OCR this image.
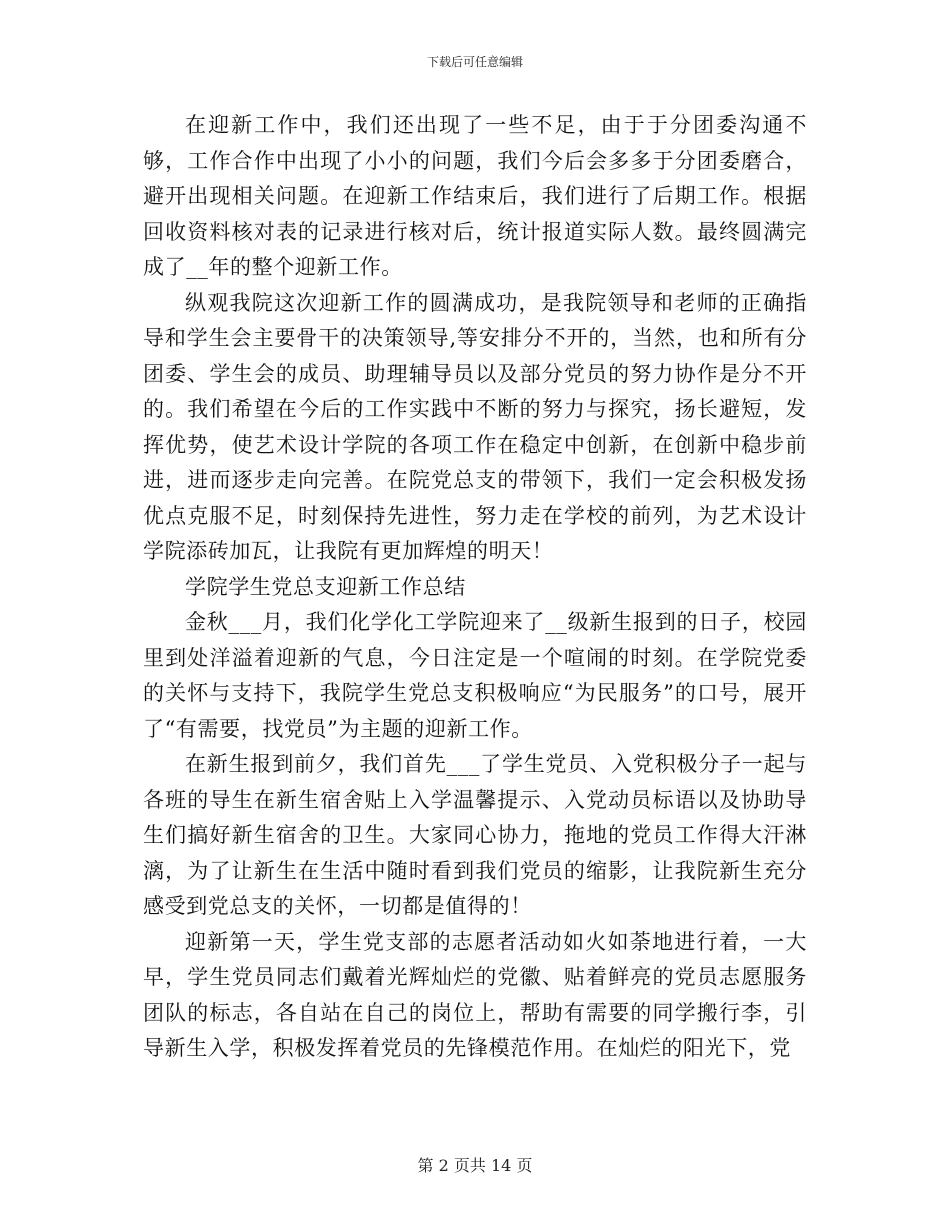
下载后可任意编辑

在迎新工作中，我们还出现了一些不足，由于于分团委沟通不够，工作合作中出现了小小的问题，我们今后会多多于分团委磨合，避开出现相关问题。在迎新工作结束后，我们进行了后期工作。根据回收资料核对表的记录进行核对后，统计报道实际人数。最终圆满完成了__年的整个迎新工作。

纵观我院这次迎新工作的圆满成功，是我院领导和老师的正确指导和学生会主要骨干的决策领导,等安排分不开的，当然，也和所有分团委、学生会的成员、助理辅导员以及部分党员的努力协作是分不开的。我们希望在今后的工作实践中不断的努力与探究，扬长避短，发挥优势，使艺术设计学院的各项工作在稳定中创新，在创新中稳步前进，进而逐步走向完善。在院党总支的带领下，我们一定会积极发扬优点克服不足，时刻保持先进性，努力走在学校的前列，为艺术设计学院添砖加瓦，让我院有更加辉煌的明天！

学院学生党总支迎新工作总结

金秋___月，我们化学化工学院迎来了__级新生报到的日子，校园里到处洋溢着迎新的气息，今日注定是一个喧闹的时刻。在学院党委的关怀与支持下，我院学生党总支积极响应“为民服务”的口号，展开了“有需要，找党员”为主题的迎新工作。

在新生报到前夕，我们首先___了学生党员、入党积极分子一起与各班的导生在新生宿舍贴上入学温馨提示、入党动员标语以及协助导生们搞好新生宿舍的卫生。大家同心协力，拖地的党员工作得大汗淋漓，为了让新生在生活中随时看到我们党员的缩影，让我院新生充分感受到党总支的关怀，一切都是值得的！

迎新第一天，学生党支部的志愿者活动如火如荼地进行着，一大早，学生党员同志们戴着光辉灿烂的党徽、贴着鲜亮的党员志愿服务团队的标志，各自站在自己的岗位上，帮助有需要的同学搬行李，引导新生入学，积极发挥着党员的先锋模范作用。在灿烂的阳光下，党

第 2 页共 14 页
